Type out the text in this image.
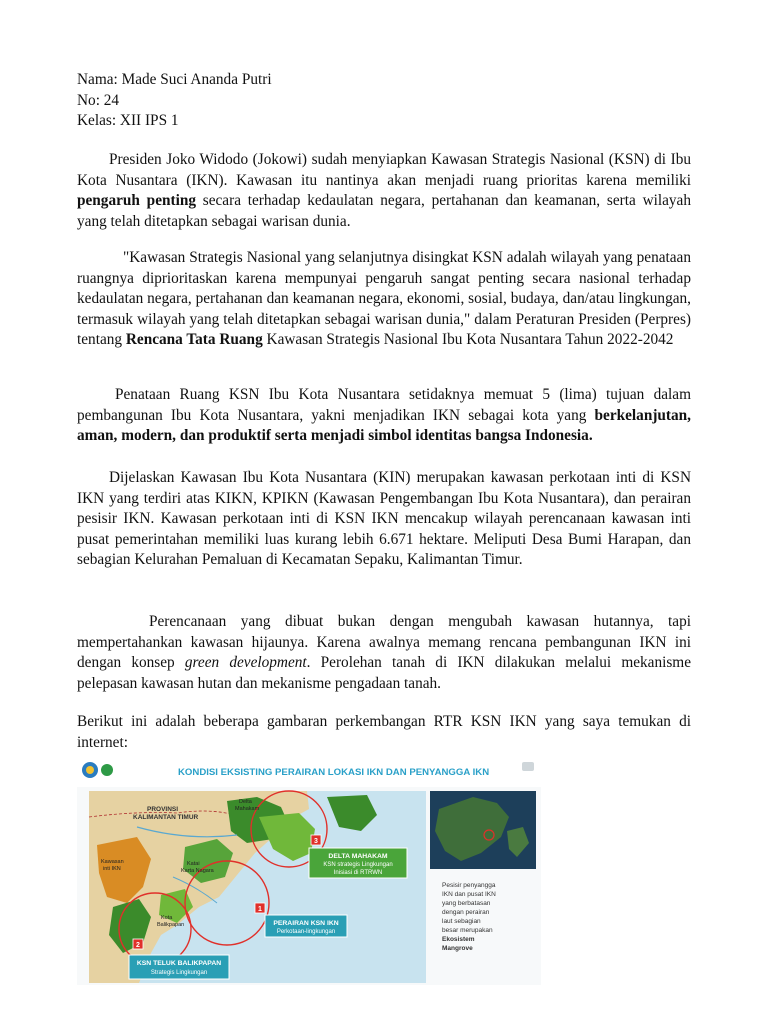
Nama: Made Suci Ananda Putri
No: 24
Kelas: XII IPS 1
Presiden Joko Widodo (Jokowi) sudah menyiapkan Kawasan Strategis Nasional (KSN) di Ibu Kota Nusantara (IKN). Kawasan itu nantinya akan menjadi ruang prioritas karena memiliki pengaruh penting secara terhadap kedaulatan negara, pertahanan dan keamanan, serta wilayah yang telah ditetapkan sebagai warisan dunia.
"Kawasan Strategis Nasional yang selanjutnya disingkat KSN adalah wilayah yang penataan ruangnya diprioritaskan karena mempunyai pengaruh sangat penting secara nasional terhadap kedaulatan negara, pertahanan dan keamanan negara, ekonomi, sosial, budaya, dan/atau lingkungan, termasuk wilayah yang telah ditetapkan sebagai warisan dunia," dalam Peraturan Presiden (Perpres) tentang Rencana Tata Ruang Kawasan Strategis Nasional Ibu Kota Nusantara Tahun 2022-2042
Penataan Ruang KSN Ibu Kota Nusantara setidaknya memuat 5 (lima) tujuan dalam pembangunan Ibu Kota Nusantara, yakni menjadikan IKN sebagai kota yang berkelanjutan, aman, modern, dan produktif serta menjadi simbol identitas bangsa Indonesia.
Dijelaskan Kawasan Ibu Kota Nusantara (KIN) merupakan kawasan perkotaan inti di KSN IKN yang terdiri atas KIKN, KPIKN (Kawasan Pengembangan Ibu Kota Nusantara), dan perairan pesisir IKN. Kawasan perkotaan inti di KSN IKN mencakup wilayah perencanaan kawasan inti pusat pemerintahan memiliki luas kurang lebih 6.671 hektare. Meliputi Desa Bumi Harapan, dan sebagian Kelurahan Pemaluan di Kecamatan Sepaku, Kalimantan Timur.
Perencanaan yang dibuat bukan dengan mengubah kawasan hutannya, tapi mempertahankan kawasan hijaunya. Karena awalnya memang rencana pembangunan IKN ini dengan konsep green development. Perolehan tanah di IKN dilakukan melalui mekanisme pelepasan kawasan hutan dan mekanisme pengadaan tanah.
Berikut ini adalah beberapa gambaran perkembangan RTR KSN IKN yang saya temukan di internet:
KONDISI EKSISTING PERAIRAN LOKASI IKN DAN PENYANGGA IKN
PROVINSI
KALIMANTAN TIMUR
Delta
Mahakam
Kawasan
inti IKN
Katai
Karta Nagara
Kota
Balikpapan
3
1
2
DELTA MAHAKAM
KSN strategis Lingkungan
Inisiasi di RTRWN
PERAIRAN KSN IKN
Perkotaan-lingkungan
KSN TELUK BALIKPAPAN
Strategis Lingkungan
Pesisir penyangga
IKN dan pusat IKN
yang berbatasan
dengan perairan
laut sebagian
besar merupakan
Ekosistem
Mangrove
